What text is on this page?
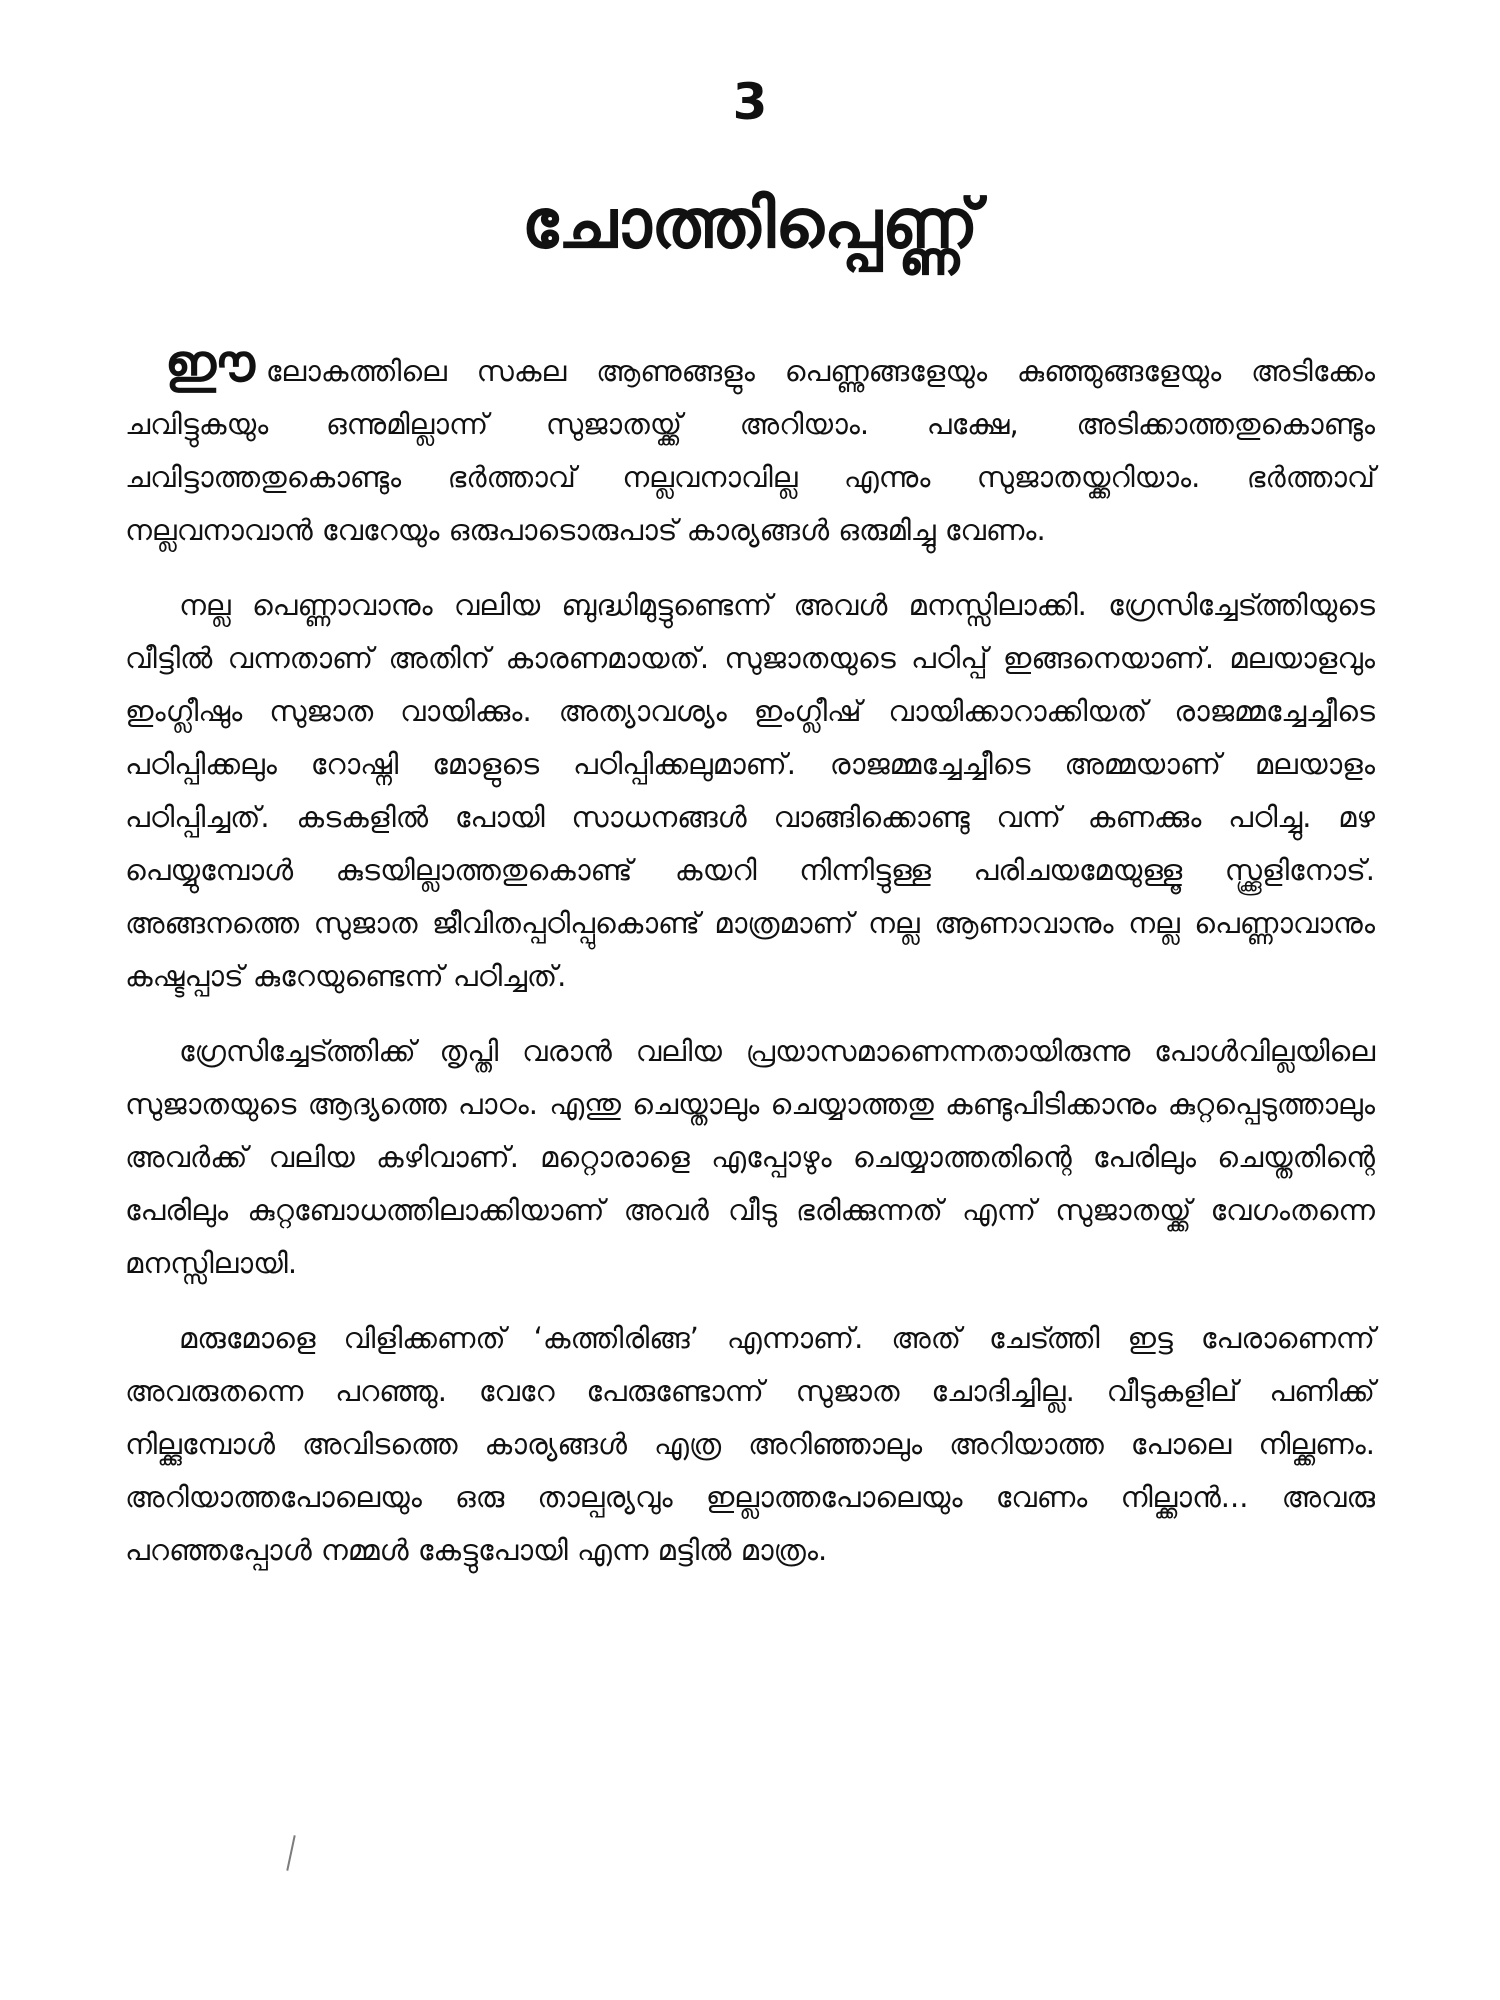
3
ചോത്തിപ്പെണ്ണ്

ഈലോകത്തിലെ സകല ആണുങ്ങളും പെണ്ണുങ്ങളേയും കുഞ്ഞുങ്ങളേയും അടിക്കേം ചവിട്ടുകയും ഒന്നുമില്ലാന്ന് സുജാതയ്ക്ക് അറിയാം. പക്ഷേ, അടിക്കാത്തതുകൊണ്ടും ചവിട്ടാത്തതുകൊണ്ടും ഭർത്താവ് നല്ലവനാവില്ല എന്നും സുജാതയ്ക്കറിയാം. ഭർത്താവ് നല്ലവനാവാൻ വേറേയും ഒരുപാടൊരുപാട് കാര്യങ്ങൾ ഒരുമിച്ചു വേണം.

നല്ല പെണ്ണാവാനും വലിയ ബുദ്ധിമുട്ടുണ്ടെന്ന് അവൾ മനസ്സിലാക്കി. ഗ്രേസിച്ചേട്ത്തിയുടെ വീട്ടിൽ വന്നതാണ് അതിന് കാരണമായത്. സുജാതയുടെ പഠിപ്പ് ഇങ്ങനെയാണ്. മലയാളവും ഇംഗ്ലീഷും സുജാത വായിക്കും. അത്യാവശ്യം ഇംഗ്ലീഷ് വായിക്കാറാക്കിയത് രാജമ്മച്ചേച്ചീടെ പഠിപ്പിക്കലും റോഷ്നി മോളുടെ പഠിപ്പിക്കലുമാണ്. രാജമ്മച്ചേച്ചീടെ അമ്മയാണ് മലയാളം പഠിപ്പിച്ചത്. കടകളിൽ പോയി സാധനങ്ങൾ വാങ്ങിക്കൊണ്ടു വന്ന് കണക്കും പഠിച്ചു. മഴ പെയ്യുമ്പോൾ കുടയില്ലാത്തതുകൊണ്ട് കയറി നിന്നിട്ടുള്ള പരിചയമേയുള്ളൂ സ്ക്കൂളിനോട്. അങ്ങനത്തെ സുജാത ജീവിതപ്പഠിപ്പുകൊണ്ട് മാത്രമാണ് നല്ല ആണാവാനും നല്ല പെണ്ണാവാനും കഷ്ടപ്പാട് കുറേയുണ്ടെന്ന് പഠിച്ചത്.

ഗ്രേസിച്ചേട്ത്തിക്ക് തൃപ്തി വരാൻ വലിയ പ്രയാസമാണെന്നതായിരുന്നു പോൾവില്ലയിലെ സുജാതയുടെ ആദ്യത്തെ പാഠം. എന്തു ചെയ്താലും ചെയ്യാത്തതു കണ്ടുപിടിക്കാനും കുറ്റപ്പെടുത്താലും അവർക്ക് വലിയ കഴിവാണ്. മറ്റൊരാളെ എപ്പോഴും ചെയ്യാത്തതിന്റെ പേരിലും ചെയ്തതിന്റെ പേരിലും കുറ്റബോധത്തിലാക്കിയാണ് അവർ വീടു ഭരിക്കുന്നത് എന്ന് സുജാതയ്ക്ക് വേഗംതന്നെ മനസ്സിലായി.

മരുമോളെ വിളിക്കണത് ‘കത്തിരിങ്ങ’ എന്നാണ്. അത് ചേട്ത്തി ഇട്ട പേരാണെന്ന് അവരുതന്നെ പറഞ്ഞു. വേറേ പേരുണ്ടോന്ന് സുജാത ചോദിച്ചില്ല. വീടുകളില് പണിക്ക് നില്ക്കുമ്പോൾ അവിടത്തെ കാര്യങ്ങൾ എത്ര അറിഞ്ഞാലും അറിയാത്ത പോലെ നില്ക്കണം. അറിയാത്തപോലെയും ഒരു താല്പര്യവും ഇല്ലാത്തപോലെയും വേണം നില്ക്കാൻ... അവരു പറഞ്ഞപ്പോൾ നമ്മൾ കേട്ടുപോയി എന്ന മട്ടിൽ മാത്രം.
